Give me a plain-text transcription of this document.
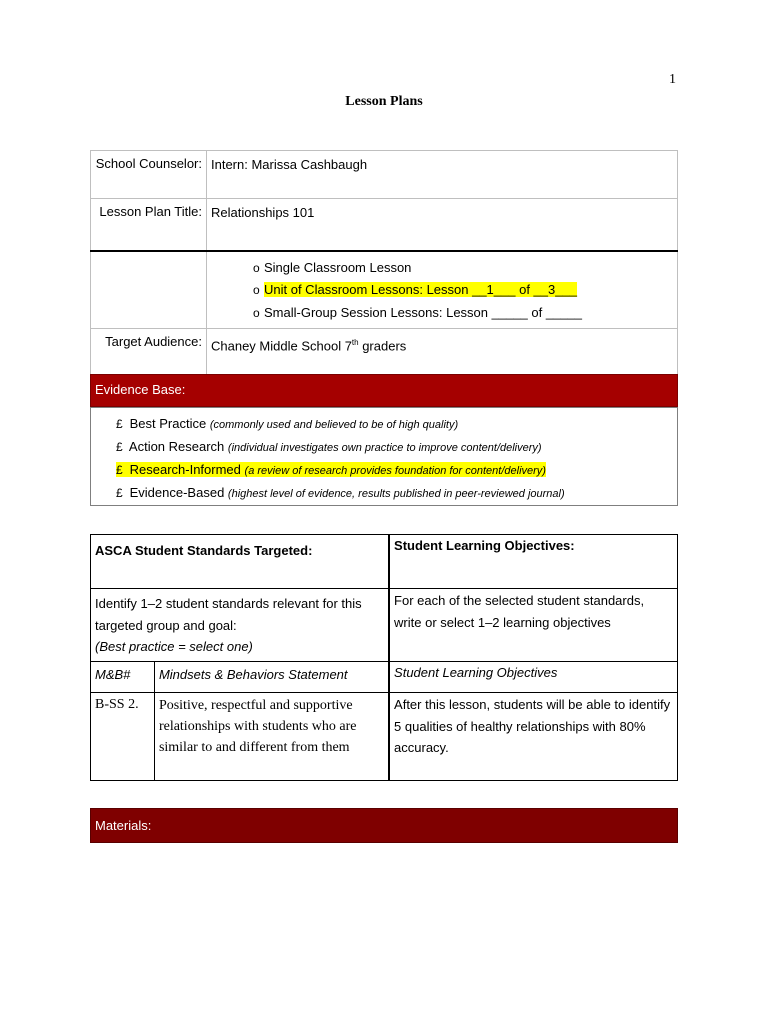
1
Lesson Plans
School Counselor:	Intern: Marissa Cashbaugh
Lesson Plan Title:	Relationships 101

	o Single Classroom Lesson
o Unit of Classroom Lessons: Lesson __1___ of __3___
o Small-Group Session Lessons: Lesson _____ of _____

Target Audience:	Chaney Middle School 7th graders
Evidence Base:
£ Best Practice (commonly used and believed to be of high quality)
£ Action Research (individual investigates own practice to improve content/delivery)
£ Research-Informed (a review of research provides foundation for content/delivery)
£ Evidence-Based (highest level of evidence, results published in peer-reviewed journal)
ASCA Student Standards Targeted:		Student Learning Objectives:
Identify 1–2 student standards relevant for this targeted group and goal:
(Best practice = select one)		For each of the selected student standards, write or select 1–2 learning objectives
M&B#	Mindsets & Behaviors Statement	Student Learning Objectives
B-SS 2.	Positive, respectful and supportive relationships with students who are similar to and different from them	After this lesson, students will be able to identify 5 qualities of healthy relationships with 80% accuracy.
Materials:
